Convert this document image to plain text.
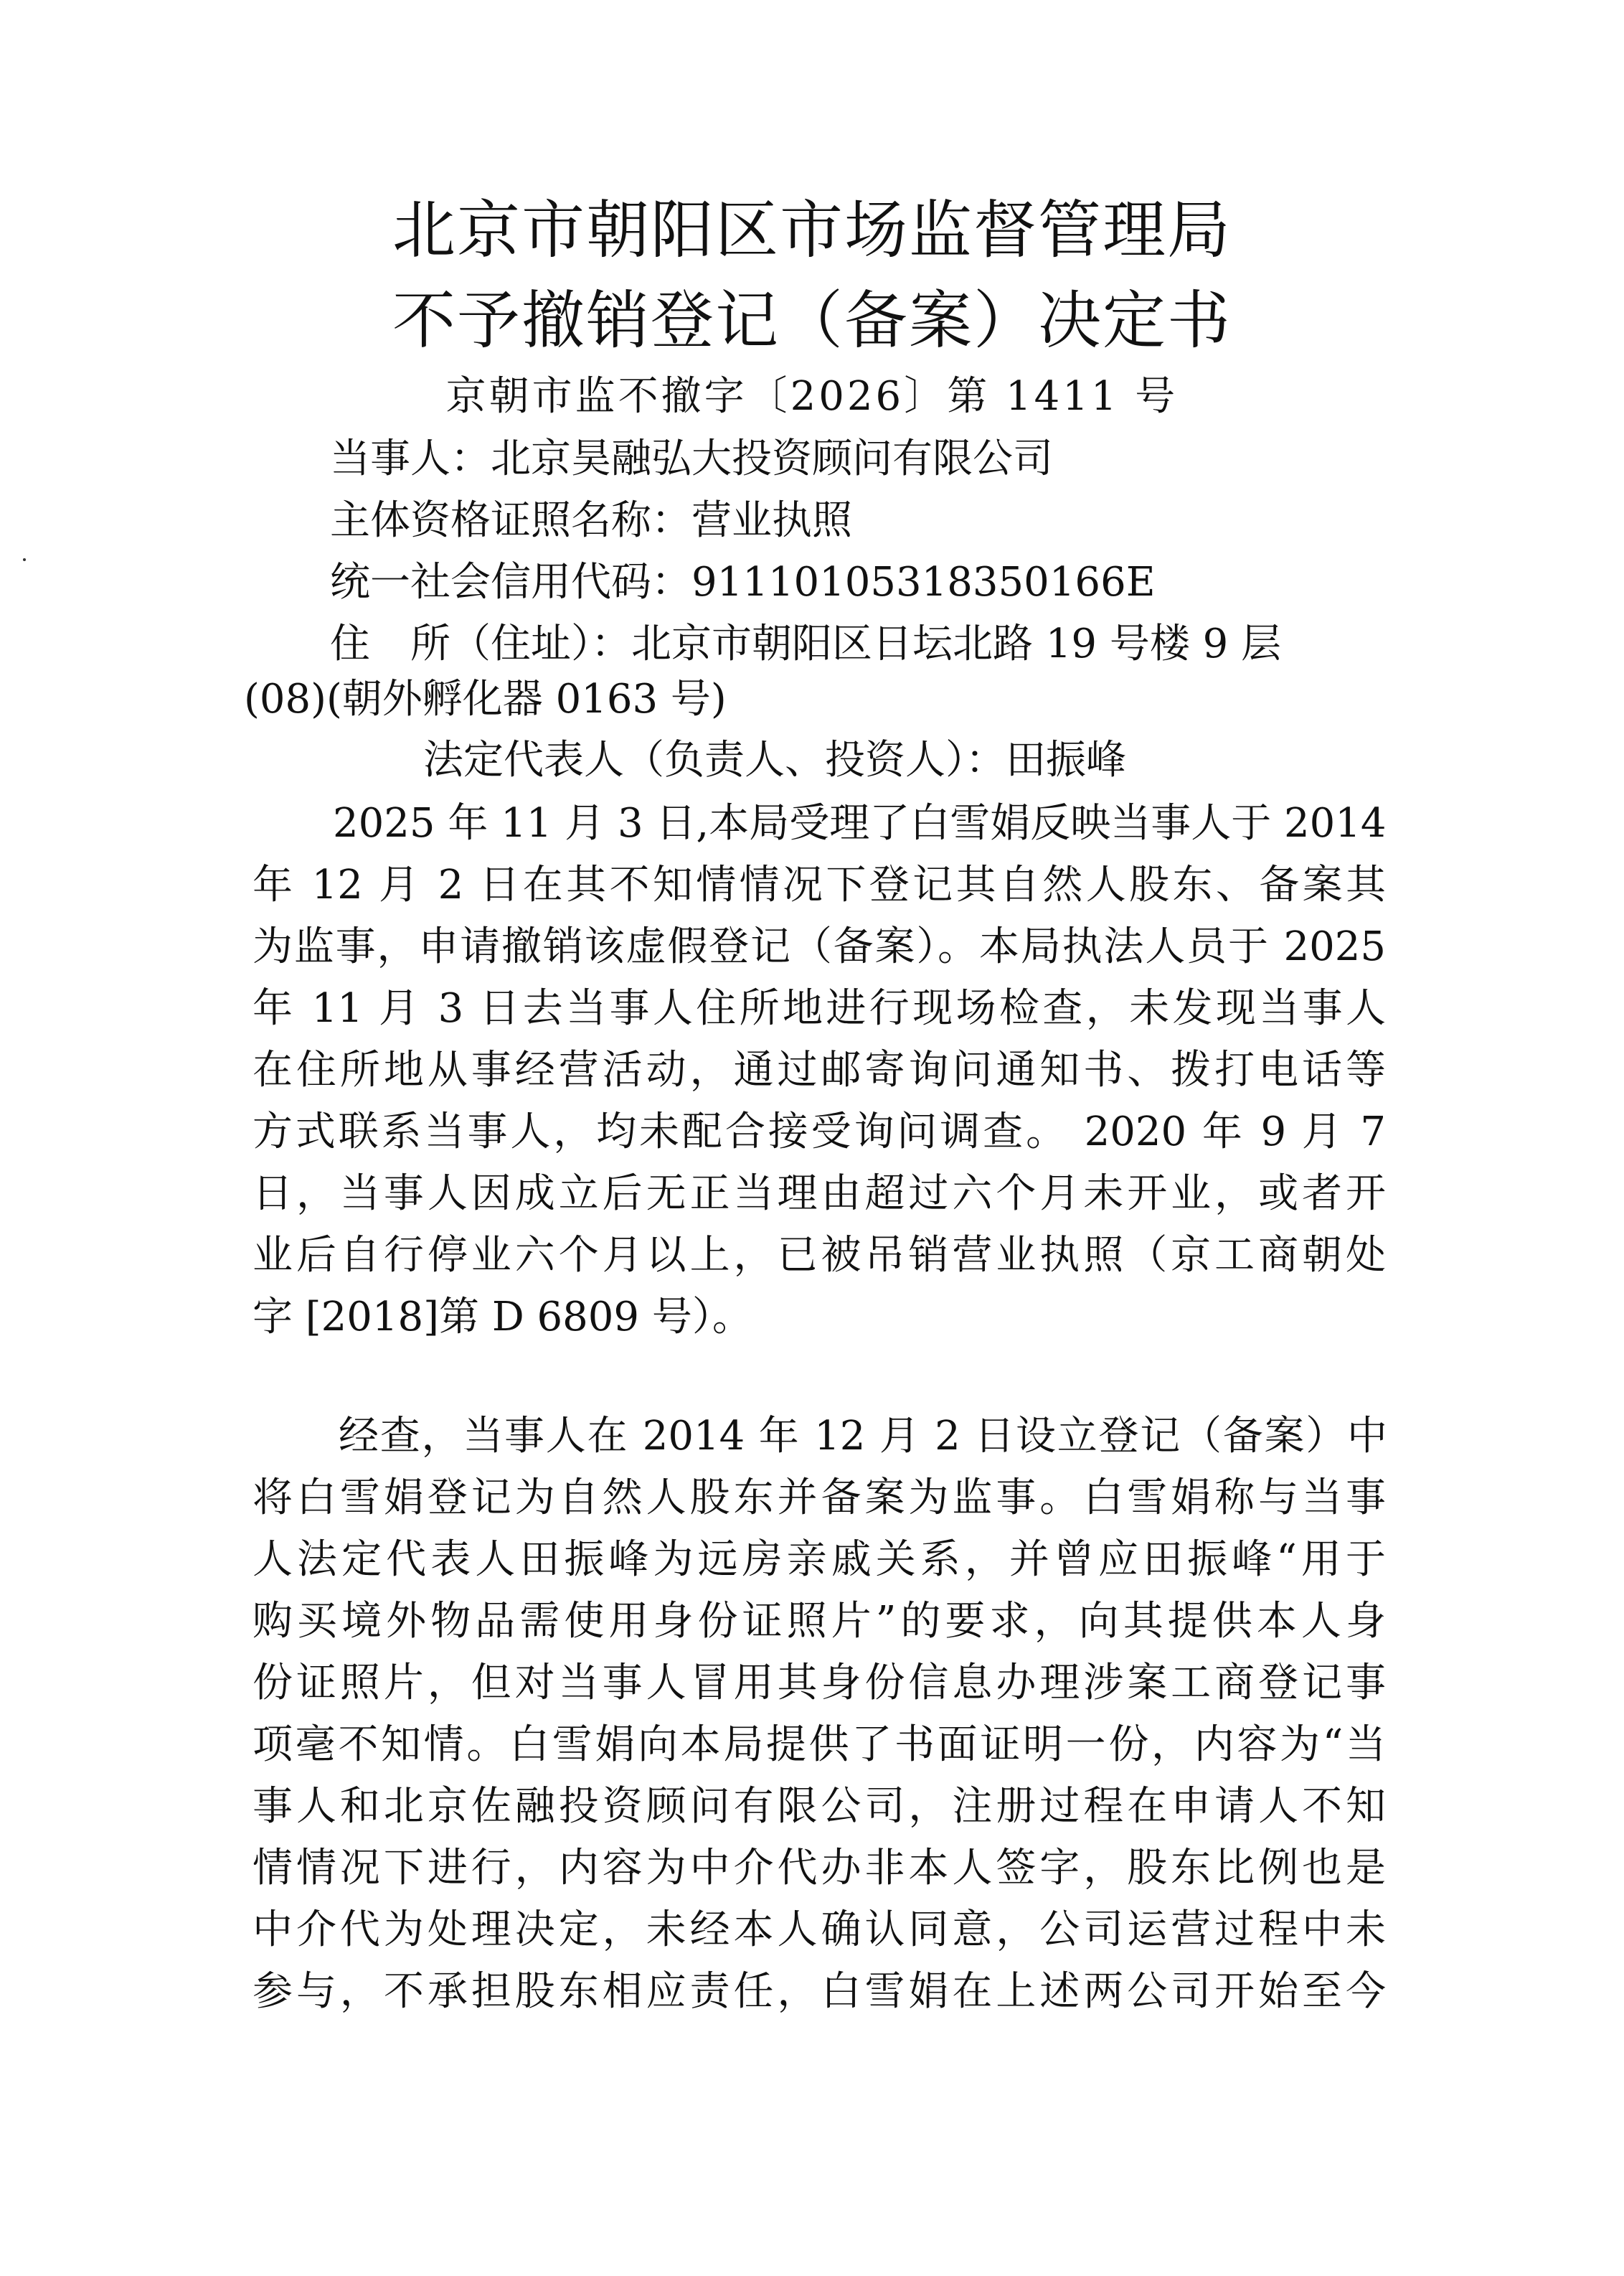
北京市朝阳区市场监督管理局
不予撤销登记（备案）决定书
京朝市监不撤字〔2026〕第 1411 号
当事人：北京昊融弘大投资顾问有限公司
主体资格证照名称：营业执照
统一社会信用代码：91110105318350166E
住　所（住址）：北京市朝阳区日坛北路 19 号楼 9 层
(08)(朝外孵化器 0163 号)
法定代表人（负责人、投资人）：田振峰
2025 年 11 月 3 日,本局受理了白雪娟反映当事人于 2014
年 12 月 2 日在其不知情情况下登记其自然人股东、备案其
为监事，申请撤销该虚假登记（备案）。本局执法人员于 2025
年 11 月 3 日去当事人住所地进行现场检查，未发现当事人
在住所地从事经营活动，通过邮寄询问通知书、拨打电话等
方式联系当事人，均未配合接受询问调查。 2020 年 9 月 7
日，当事人因成立后无正当理由超过六个月未开业，或者开
业后自行停业六个月以上，已被吊销营业执照（京工商朝处
字 [2018]第 D 6809 号）。
经查，当事人在 2014 年 12 月 2 日设立登记（备案）中
将白雪娟登记为自然人股东并备案为监事。白雪娟称与当事
人法定代表人田振峰为远房亲戚关系，并曾应田振峰“用于
购买境外物品需使用身份证照片”的要求，向其提供本人身
份证照片，但对当事人冒用其身份信息办理涉案工商登记事
项毫不知情。白雪娟向本局提供了书面证明一份，内容为“当
事人和北京佐融投资顾问有限公司，注册过程在申请人不知
情情况下进行，内容为中介代办非本人签字，股东比例也是
中介代为处理决定，未经本人确认同意，公司运营过程中未
参与，不承担股东相应责任，白雪娟在上述两公司开始至今
